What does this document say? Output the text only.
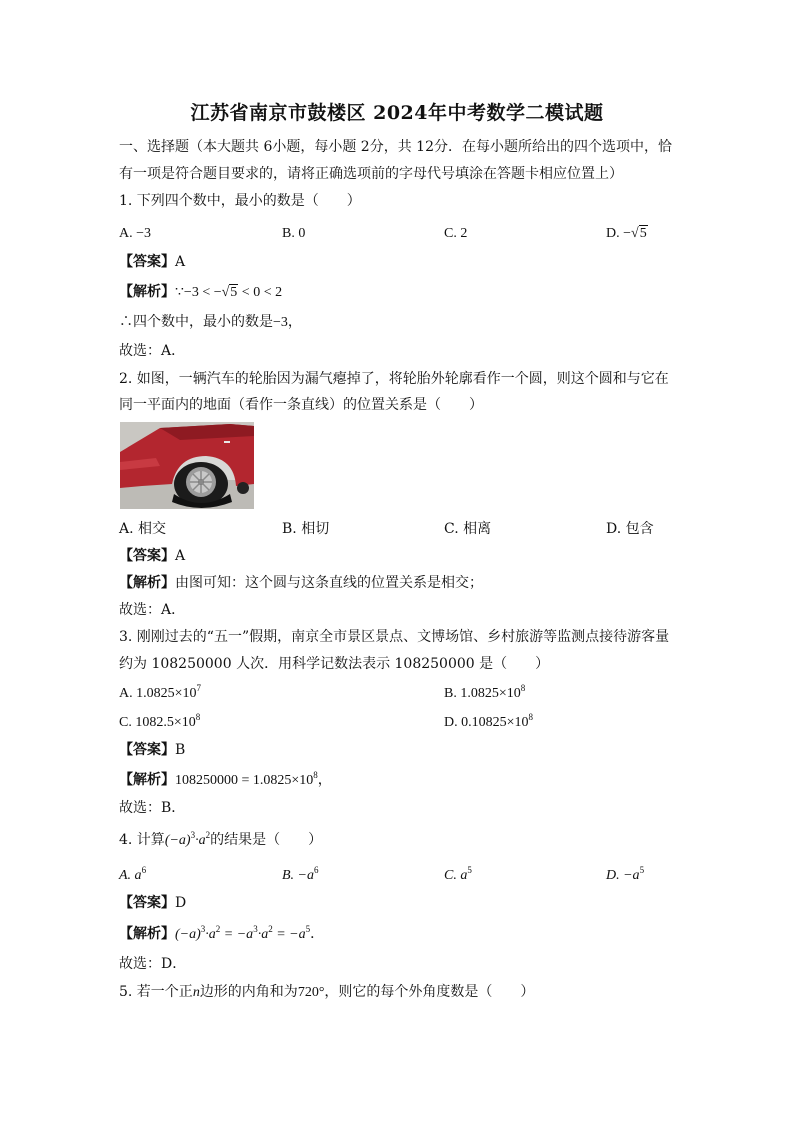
江苏省南京市鼓楼区 2024年中考数学二模试题
一、选择题（本大题共 6小题，每小题 2分，共 12分．在每小题所给出的四个选项中，恰
有一项是符合题目要求的，请将正确选项前的字母代号填涂在答题卡相应位置上）
1. 下列四个数中，最小的数是（　　）
A. −3	B. 0	C. 2	D. −√5
【答案】A
【解析】∵−3 < −√5 < 0 < 2
∴四个数中，最小的数是−3，
故选：A．
2. 如图，一辆汽车的轮胎因为漏气瘪掉了，将轮胎外轮廓看作一个圆，则这个圆和与它在
同一平面内的地面（看作一条直线）的位置关系是（　　）
A. 相交	B. 相切	C. 相离	D. 包含
【答案】A
【解析】由图可知：这个圆与这条直线的位置关系是相交；
故选：A．
3. 刚刚过去的“五一”假期，南京全市景区景点、文博场馆、乡村旅游等监测点接待游客量
约为 108250000 人次．用科学记数法表示 108250000 是（　　）
A. $1.0825\times 10^7$	B. $1.0825\times 10^8$
C. $1082.5\times 10^8$	D. $0.10825\times 10^8$
【答案】B
【解析】$108250000 = 1.0825\times 10^8$，
故选：B．
4. 计算$(-a)^3\cdot a^2$的结果是（　　）
A. $a^6$	B. $-a^6$	C. $a^5$	D. $-a^5$
【答案】D
【解析】$(-a)^3\cdot a^2 = -a^3\cdot a^2 = -a^5$．
故选：D．
5. 若一个正n边形的内角和为720°，则它的每个外角度数是（　　）
